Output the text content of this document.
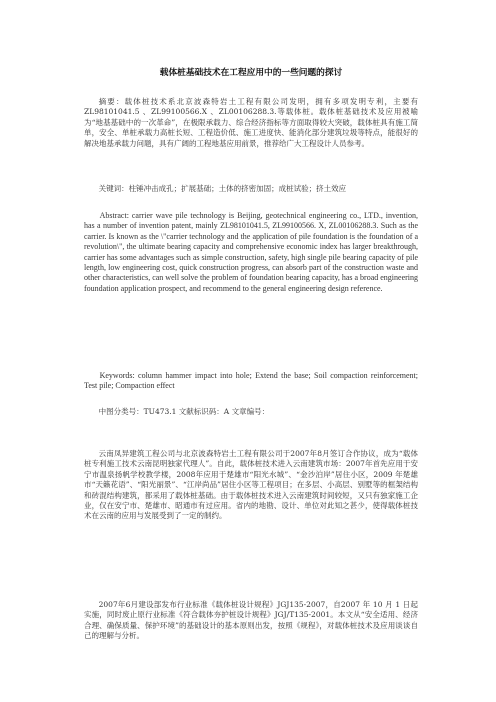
载体桩基础技术在工程应用中的一些问题的探讨
摘要：载体桩技术系北京波森特岩土工程有限公司发明，拥有多项发明专利，主要有ZL98101041.5 、ZL99100566.X 、ZL00106288.3.等载体桩。载体桩基础技术及应用被喻为“地基基础中的一次革命”，在极限承载力、综合经济指标等方面取得较大突破，载体桩具有施工简单，安全、单桩承载力高桩长短、工程造价低、施工进度快、能消化部分建筑垃圾等特点，能很好的解决地基承载力问题，具有广阔的工程地基应用前景，推荐给广大工程设计人员参考。
关键词：柱锤冲击成孔；扩展基础；土体的挤密加固；成桩试验；挤土效应
Abstract: carrier wave pile technology is Beijing, geotechnical engineering co., LTD., invention, has a number of invention patent, mainly ZL98101041.5, ZL99100566. X, ZL00106288.3. Such as the carrier. Is known as the \"carrier technology and the application of pile foundation is the foundation of a revolution\", the ultimate bearing capacity and comprehensive economic index has larger breakthrough, carrier has some advantages such as simple construction, safety, high single pile bearing capacity of pile length, low engineering cost, quick construction progress, can absorb part of the construction waste and other characteristics, can well solve the problem of foundation bearing capacity, has a broad engineering foundation application prospect, and recommend to the general engineering design reference.
Keywords: column hammer impact into hole; Extend the base; Soil compaction reinforcement; Test pile; Compaction effect
中图分类号：TU473.1 文献标识码：A 文章编号：
云南凤异建筑工程公司与北京波森特岩土工程有限公司于2007年8月签订合作协议，成为“载体桩专利施工技术云南昆明独家代理人”。自此，载体桩技术进入云南建筑市场：2007年首先应用于安宁市温泉扬帆学校教学楼，2008年应用于楚雄市“阳光水城”、“金沙泊岸”居住小区，2009 年楚雄市“天籁花语”、“阳光丽景”、“江岸尚品”居住小区等工程项目；在多层、小高层、别墅等的框架结构和砖混结构建筑，都采用了载体桩基础。由于载体桩技术进入云南建筑时间较短，又只有独家施工企业，仅在安宁市、楚雄市、昭通市有过应用。省内的地勘、设计、单位对此知之甚少，使得载体桩技术在云南的应用与发展受到了一定的制约。
2007年6月建设部发布行业标准《载体桩设计规程》JGJ135-2007，自2007 年 10 月 1 日起实施，同时废止原行业标准《符合载体夯护桩设计规程》JGJ/T135-2001。本文从“安全适用、经济合理、确保质量、保护环境”的基础设计的基本原则出发，按照《规程》，对载体桩技术及应用谈谈自己的理解与分析。
